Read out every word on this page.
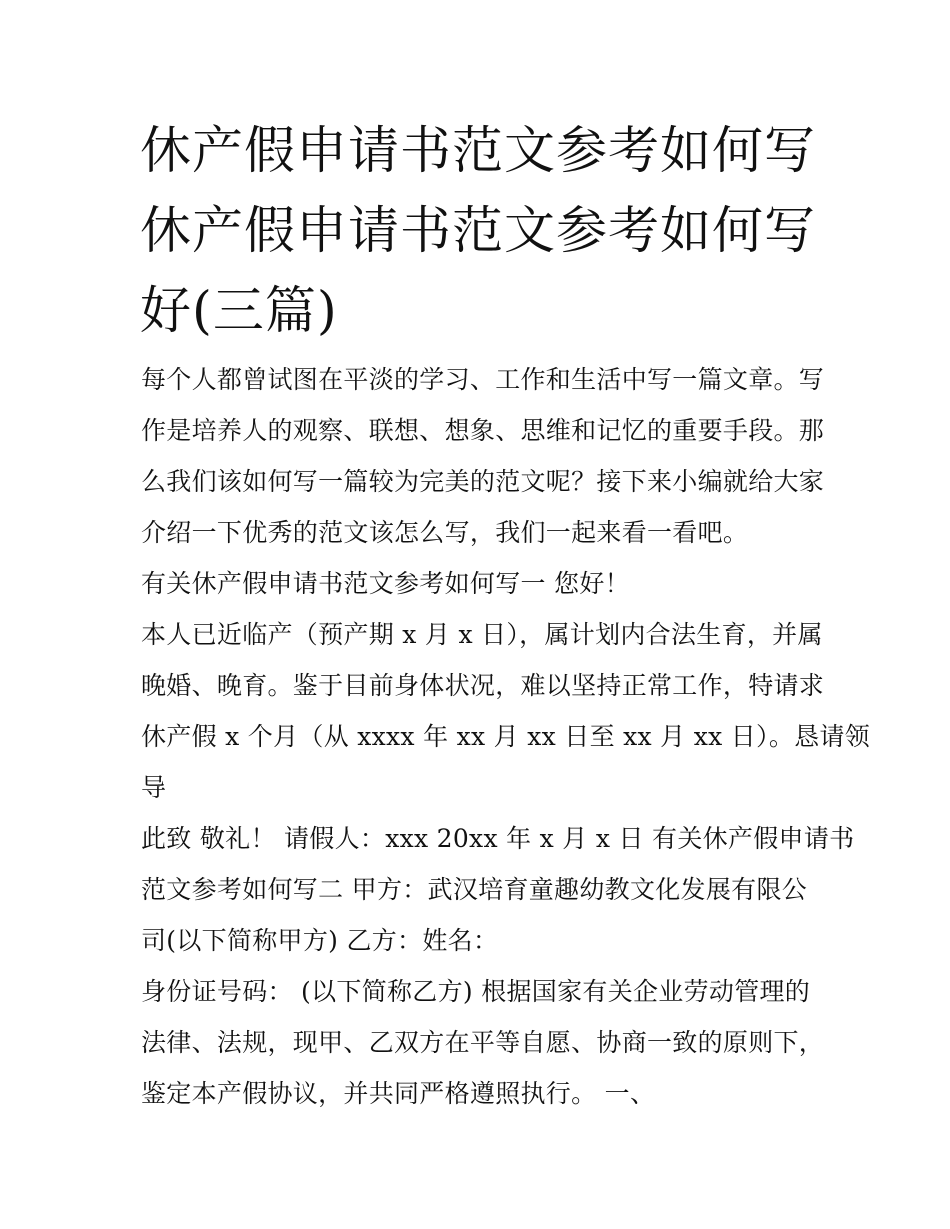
休产假申请书范文参考如何写
休产假申请书范文参考如何写
好(三篇)
每个人都曾试图在平淡的学习、工作和生活中写一篇文章。写
作是培养人的观察、联想、想象、思维和记忆的重要手段。那
么我们该如何写一篇较为完美的范文呢？接下来小编就给大家
介绍一下优秀的范文该怎么写，我们一起来看一看吧。
有关休产假申请书范文参考如何写一 您好！
本人已近临产（预产期 x 月 x 日），属计划内合法生育，并属
晚婚、晚育。鉴于目前身体状况，难以坚持正常工作，特请求
休产假 x 个月（从 xxxx 年 xx 月 xx 日至 xx 月 xx 日）。恳请领
导
此致 敬礼！ 请假人：xxx 20xx 年 x 月 x 日 有关休产假申请书
范文参考如何写二 甲方：武汉培育童趣幼教文化发展有限公
司(以下简称甲方) 乙方：姓名：
身份证号码： (以下简称乙方) 根据国家有关企业劳动管理的
法律、法规，现甲、乙双方在平等自愿、协商一致的原则下，
鉴定本产假协议，并共同严格遵照执行。 一、
